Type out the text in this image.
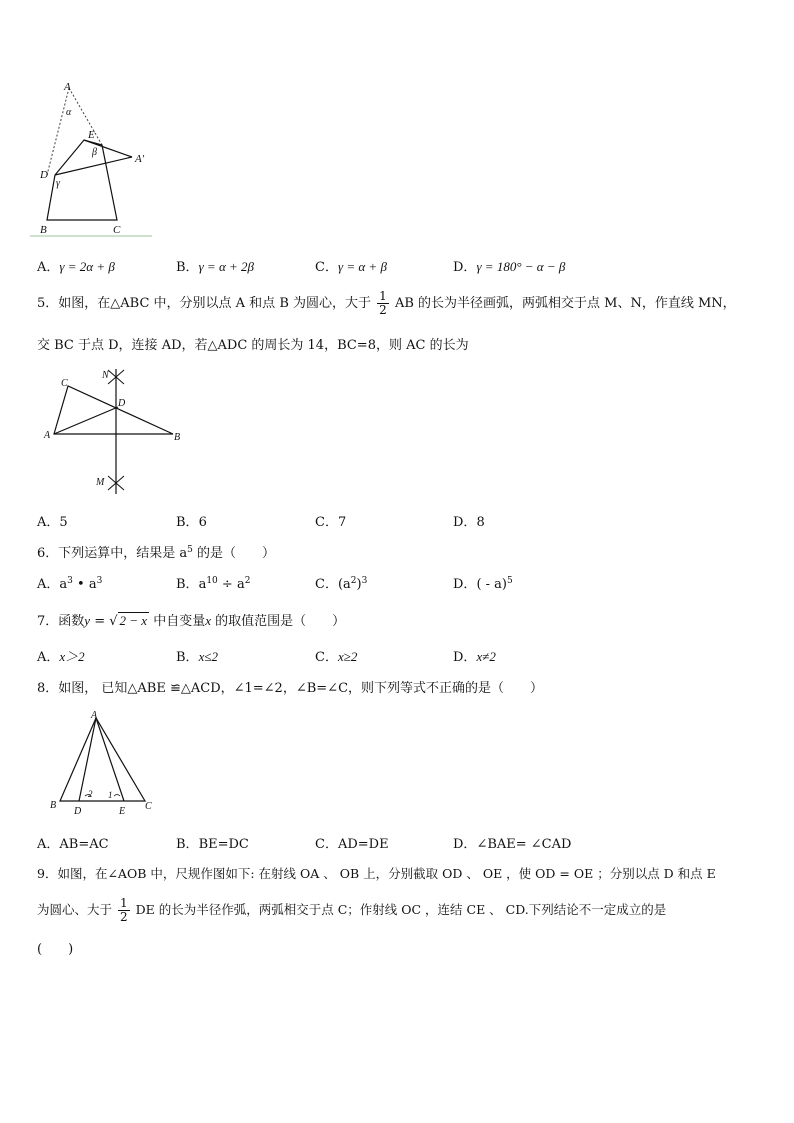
A
α
E
β
A′
D
γ
B	C
A．γ = 2α + β	B．γ = α + 2β	C．γ = α + β	D．γ = 180° − α − β
5．如图，在△ABC 中，分别以点 A 和点 B 为圆心，大于 $\frac{1}{2}$ AB 的长为半径画弧，两弧相交于点 M、N，作直线 MN，
交 BC 于点 D，连接 AD，若△ADC 的周长为 14，BC=8，则 AC 的长为
N
C
D
A	B
M
A．5	B．6	C．7	D．8
6．下列运算中，结果是 $a^5$ 的是（　　）
A．$a^3$ • $a^3$	B．$a^{10} \div a^2$	C．$(a^2)^3$	D．( - a)$^5$
7．函数y = √ 2 − x 中自变量x 的取值范围是（　　）
A．x＞2	B．x≤2	C．x≥2	D．x≠2
8．如图， 已知△ABE ≌△ACD，∠1=∠2，∠B=∠C，则下列等式不正确的是（　　）
A
2 1
B
D	E C
A．AB=AC	B．BE=DC	C．AD=DE	D．∠BAE= ∠CAD
9．如图，在∠AOB 中，尺规作图如下: 在射线 OA 、 OB 上，分别截取 OD 、 OE ，使 OD = OE ；分别以点 D 和点 E
为圆心、大于 $\frac{1}{2}$ DE 的长为半径作弧，两弧相交于点 C；作射线 OC ，连结 CE 、 CD.下列结论不一定成立的是
(　　)
